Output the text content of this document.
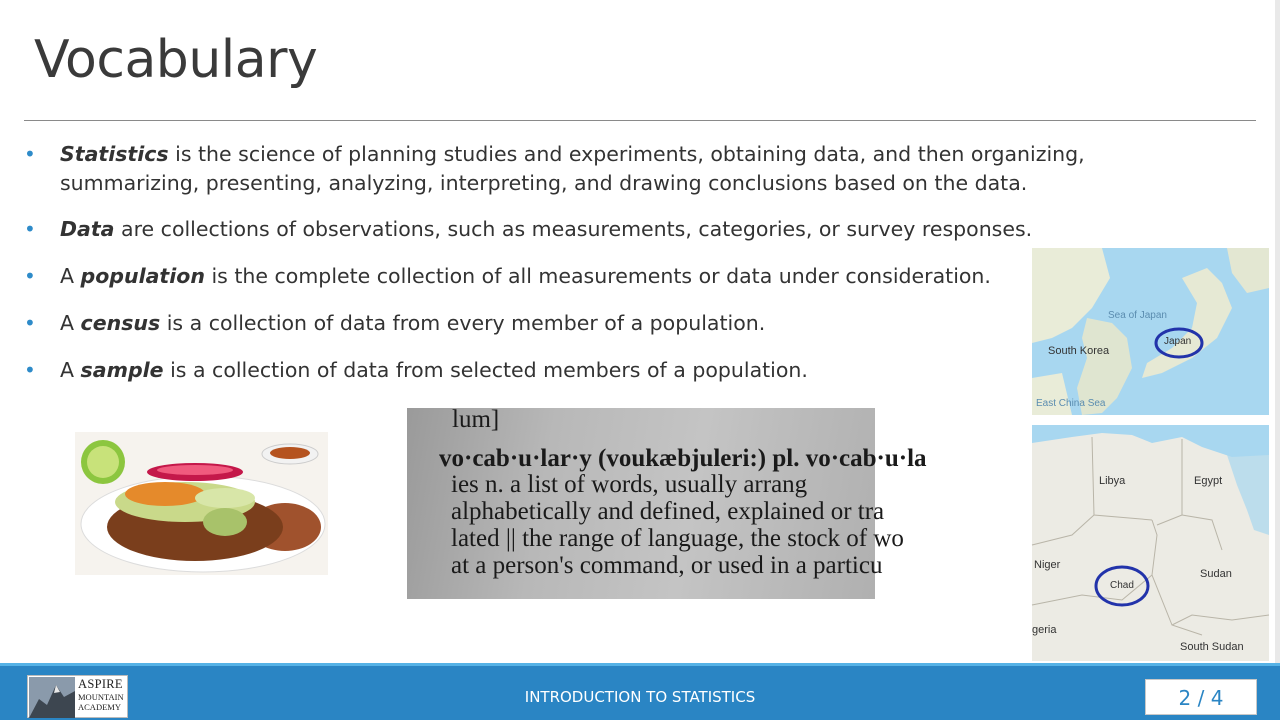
Vocabulary
• Statistics is the science of planning studies and experiments, obtaining data, and then organizing, summarizing, presenting, analyzing, interpreting, and drawing conclusions based on the data.
• Data are collections of observations, such as measurements, categories, or survey responses.
• A population is the complete collection of all measurements or data under consideration.
• A census is a collection of data from every member of a population.
• A sample is a collection of data from selected members of a population.
lum]
vo·cab·u·lar·y (voukæbjuleri:) pl. vo·cab·u·la
ies n. a list of words, usually arrang
alphabetically and defined, explained or tra
lated || the range of language, the stock of wo
at a person's command, or used in a particu
Sea of Japan
South Korea
Japan
East China Sea
Libya	Egypt
Niger
Chad
Sudan
geria
South Sudan
ASPIRE
MOUNTAIN
ACADEMY
INTRODUCTION TO STATISTICS	2 / 4
